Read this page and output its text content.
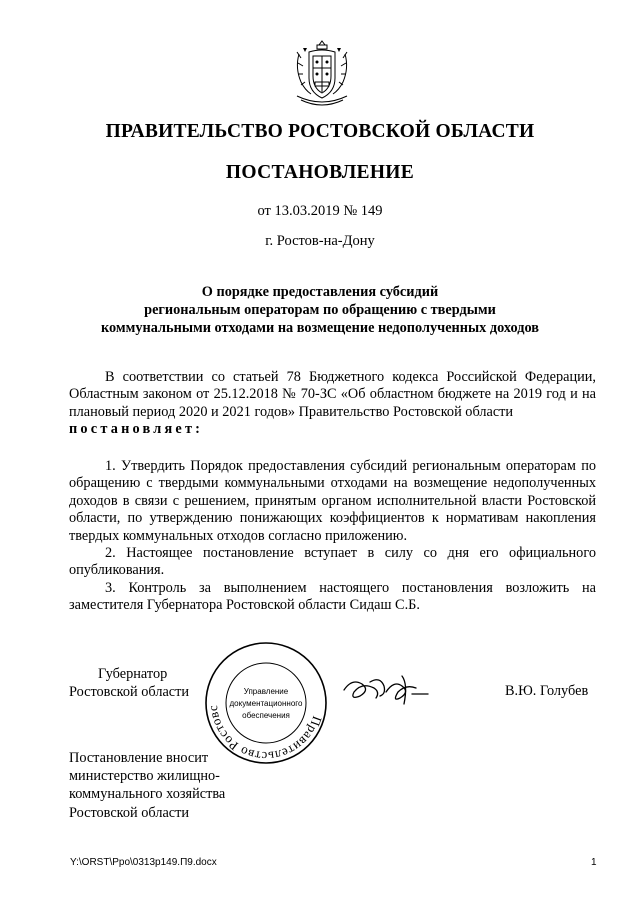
ПРАВИТЕЛЬСТВО РОСТОВСКОЙ ОБЛАСТИ
ПОСТАНОВЛЕНИЕ
от 13.03.2019 № 149
г. Ростов-на-Дону
О порядке предоставления субсидий
региональным операторам по обращению с твердыми
коммунальными отходами на возмещение недополученных доходов

В соответствии со статьей 78 Бюджетного кодекса Российской Федерации, Областным законом от 25.12.2018 № 70-ЗС «Об областном бюджете на 2019 год и на плановый период 2020 и 2021 годов» Правительство Ростовской области

постановляет:

1. Утвердить Порядок предоставления субсидий региональным операторам по обращению с твердыми коммунальными отходами на возмещение недополученных доходов в связи с решением, принятым органом исполнительной власти Ростовской области, по утверждению понижающих коэффициентов к нормативам накопления твердых коммунальных отходов согласно приложению.

2. Настоящее постановление вступает в силу со дня его официального опубликования.

3. Контроль за выполнением настоящего постановления возложить на заместителя Губернатора Ростовской области Сидаш С.Б.

Губернатор
Ростовской области
Правительство Ростовс
Управление
документационного
обеспечения
В.Ю. Голубев
Постановление вносит
министерство жилищно-
коммунального хозяйства
Ростовской области
Y:\ORST\Ppo\0313p149.П9.docx	1
